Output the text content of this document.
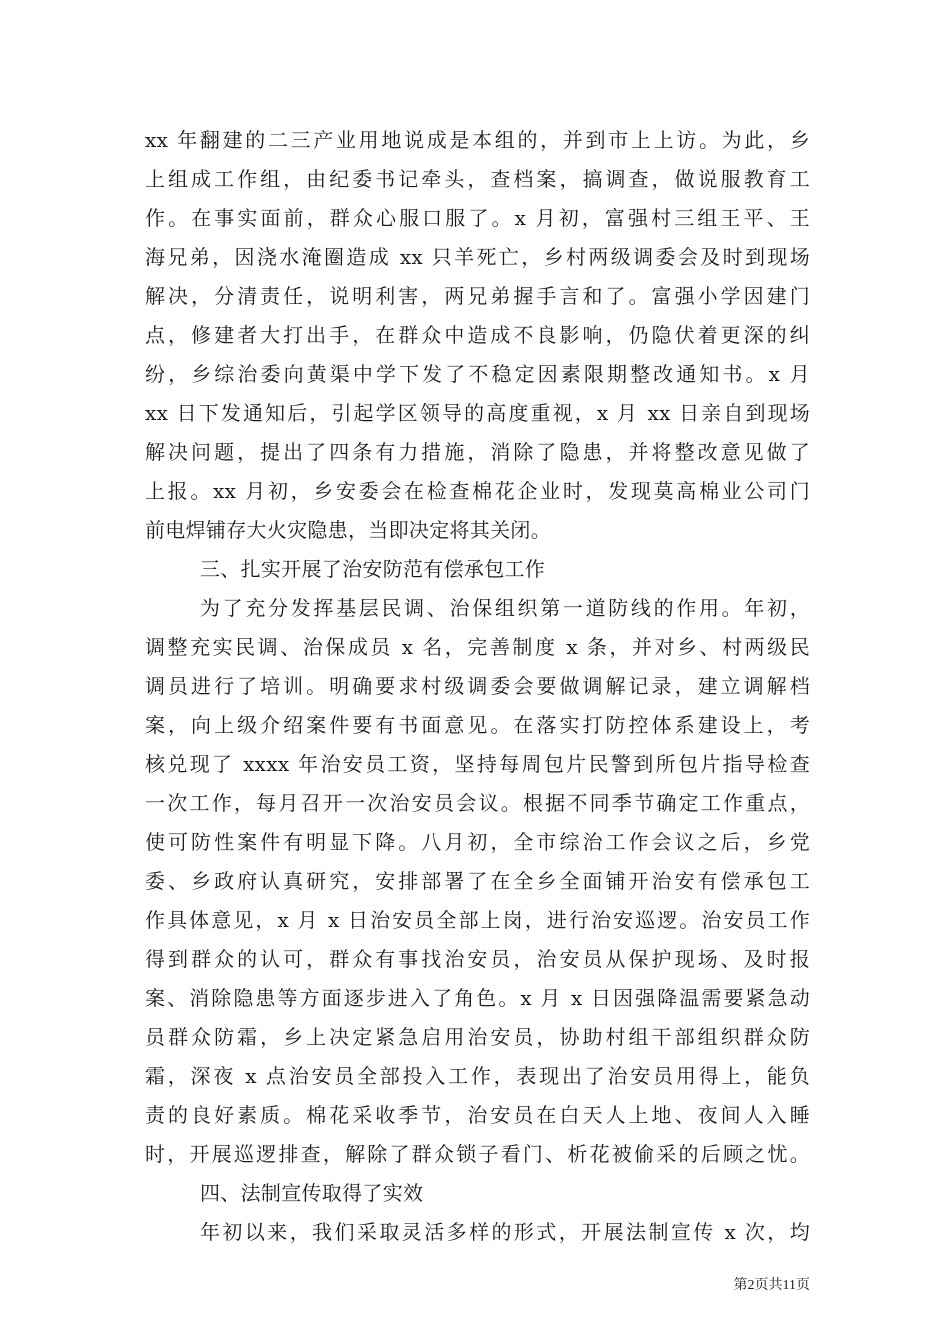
xx 年翻建的二三产业用地说成是本组的，并到市上上访。为此，乡
上组成工作组，由纪委书记牵头，查档案，搞调查，做说服教育工
作。在事实面前，群众心服口服了。x 月初，富强村三组王平、王
海兄弟，因浇水淹圈造成 xx 只羊死亡，乡村两级调委会及时到现场
解决，分清责任，说明利害，两兄弟握手言和了。富强小学因建门
点，修建者大打出手，在群众中造成不良影响，仍隐伏着更深的纠
纷，乡综治委向黄渠中学下发了不稳定因素限期整改通知书。x 月
xx 日下发通知后，引起学区领导的高度重视，x 月 xx 日亲自到现场
解决问题，提出了四条有力措施，消除了隐患，并将整改意见做了
上报。xx 月初，乡安委会在检查棉花企业时，发现莫高棉业公司门
前电焊铺存大火灾隐患，当即决定将其关闭。
三、扎实开展了治安防范有偿承包工作
为了充分发挥基层民调、治保组织第一道防线的作用。年初，
调整充实民调、治保成员 x 名，完善制度 x 条，并对乡、村两级民
调员进行了培训。明确要求村级调委会要做调解记录，建立调解档
案，向上级介绍案件要有书面意见。在落实打防控体系建设上，考
核兑现了 xxxx 年治安员工资，坚持每周包片民警到所包片指导检查
一次工作，每月召开一次治安员会议。根据不同季节确定工作重点，
使可防性案件有明显下降。八月初，全市综治工作会议之后，乡党
委、乡政府认真研究，安排部署了在全乡全面铺开治安有偿承包工
作具体意见，x 月 x 日治安员全部上岗，进行治安巡逻。治安员工作
得到群众的认可，群众有事找治安员，治安员从保护现场、及时报
案、消除隐患等方面逐步进入了角色。x 月 x 日因强降温需要紧急动
员群众防霜，乡上决定紧急启用治安员，协助村组干部组织群众防
霜，深夜 x 点治安员全部投入工作，表现出了治安员用得上，能负
责的良好素质。棉花采收季节，治安员在白天人上地、夜间人入睡
时，开展巡逻排查，解除了群众锁子看门、析花被偷采的后顾之忧。
四、法制宣传取得了实效
年初以来，我们采取灵活多样的形式，开展法制宣传 x 次，均
第2页共11页
